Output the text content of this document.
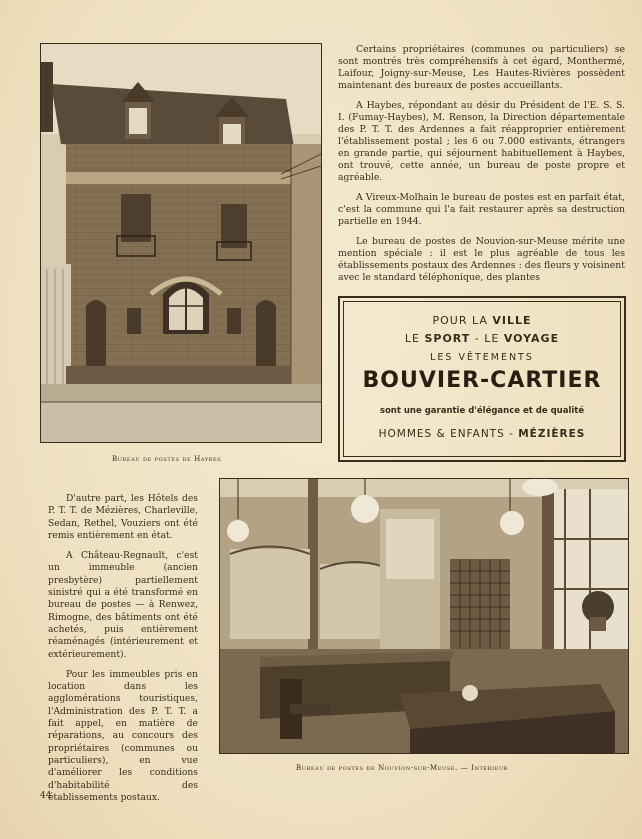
Bureau de postes de Haybes

Certains propriétaires (communes ou particuliers) se sont montrés très compréhensifs à cet égard, Monthermé, Laifour, Joigny-sur-Meuse, Les Hautes-Rivières possèdent maintenant des bureaux de postes accueillants.

A Haybes, répondant au désir du Président de l'E. S. S. I. (Fumay-Haybes), M. Renson, la Direction départementale des P. T. T. des Ardennes a fait réapproprier entièrement l'établissement postal ; les 6 ou 7.000 estivants, étrangers en grande partie, qui séjournent habituellement à Haybes, ont trouvé, cette année, un bureau de poste propre et agréable.

A Vireux-Molhain le bureau de postes est en parfait état, c'est la commune qui l'a fait restaurer après sa destruction partielle en 1944.

Le bureau de postes de Nouvion-sur-Meuse mérite une mention spéciale : il est le plus agréable de tous les établissements postaux des Ardennes : des fleurs y voisinent avec le standard téléphonique, des plantes

POUR LA VILLE
LE SPORT - LE VOYAGE
LES VÊTEMENTS
BOUVIER-CARTIER
sont une garantie d'élégance et de qualité
HOMMES & ENFANTS - MÉZIÈRES

D'autre part, les Hôtels des P. T. T. de Mézières, Charleville, Sedan, Rethel, Vouziers ont été remis entièrement en état.

A Château-Regnault, c'est un immeuble (ancien presbytère) partiellement sinistré qui a été transformé en bureau de postes — à Renwez, Rimogne, des bâtiments ont été achetés, puis entièrement réaménagés (intérieurement et extérieurement).

Pour les immeubles pris en location dans les agglomérations touristiques, l'Administration des P. T. T. a fait appel, en matière de réparations, au concours des propriétaires (communes ou particuliers), en vue d'améliorer les conditions d'habitabilité des établissements postaux.

Bureau de postes de Nouvion-sur-Meuse. — Intérieur
44
